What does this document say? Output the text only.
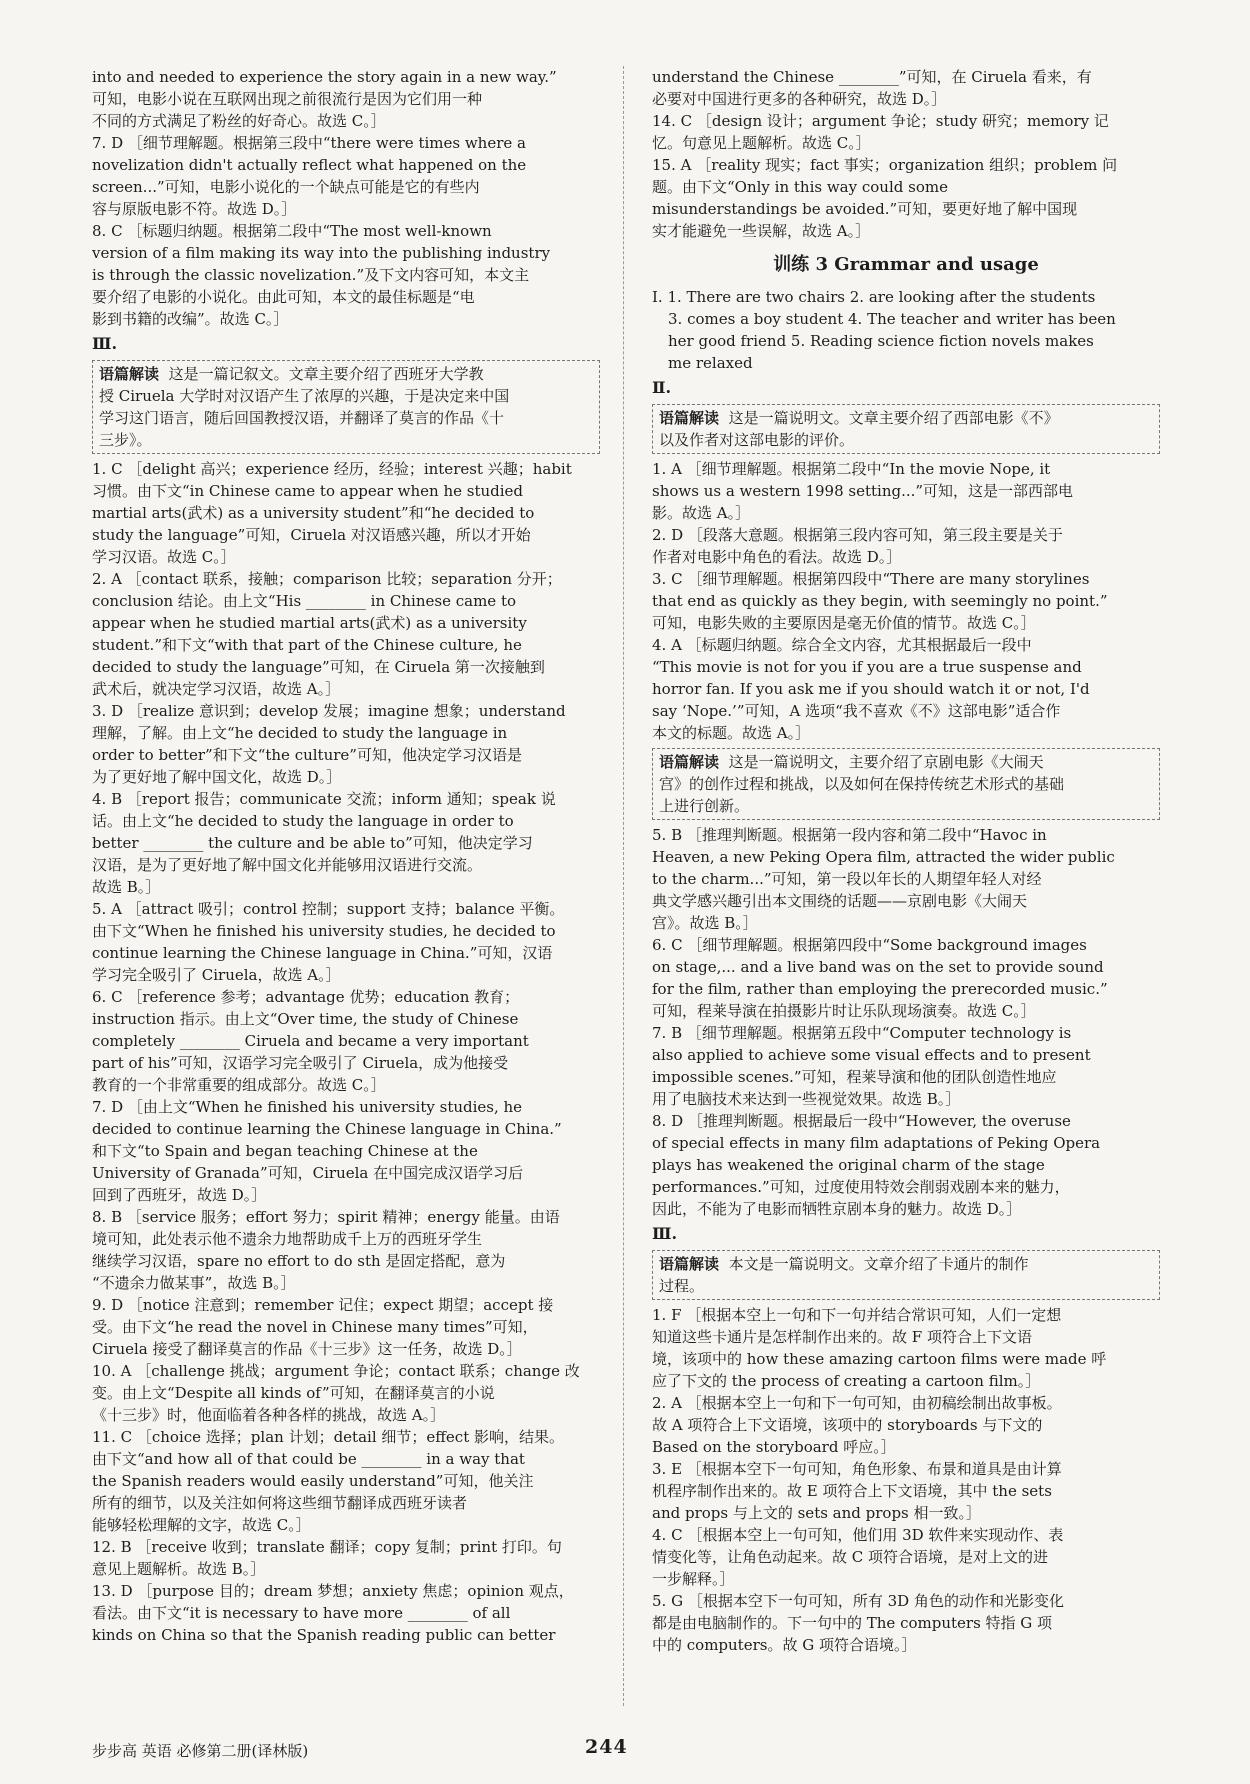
into and needed to experience the story again in a new way.”

可知，电影小说在互联网出现之前很流行是因为它们用一种

不同的方式满足了粉丝的好奇心。故选 C。］

7. D ［细节理解题。根据第三段中“there were times where a

novelization didn't actually reflect what happened on the

screen...”可知，电影小说化的一个缺点可能是它的有些内

容与原版电影不符。故选 D。］

8. C ［标题归纳题。根据第二段中“The most well-known

version of a film making its way into the publishing industry

is through the classic novelization.”及下文内容可知，本文主

要介绍了电影的小说化。由此可知，本文的最佳标题是“电

影到书籍的改编”。故选 C。］

Ⅲ.

语篇解读 这是一篇记叙文。文章主要介绍了西班牙大学教

授 Ciruela 大学时对汉语产生了浓厚的兴趣，于是决定来中国

学习这门语言，随后回国教授汉语，并翻译了莫言的作品《十

三步》。

1. C ［delight 高兴；experience 经历，经验；interest 兴趣；habit

习惯。由下文“in Chinese came to appear when he studied

martial arts(武术) as a university student”和“he decided to

study the language”可知，Ciruela 对汉语感兴趣，所以才开始

学习汉语。故选 C。］

2. A ［contact 联系，接触；comparison 比较；separation 分开；

conclusion 结论。由上文“His ________ in Chinese came to

appear when he studied martial arts(武术) as a university

student.”和下文“with that part of the Chinese culture, he

decided to study the language”可知，在 Ciruela 第一次接触到

武术后，就决定学习汉语，故选 A。］

3. D ［realize 意识到；develop 发展；imagine 想象；understand

理解，了解。由上文“he decided to study the language in

order to better”和下文“the culture”可知，他决定学习汉语是

为了更好地了解中国文化，故选 D。］

4. B ［report 报告；communicate 交流；inform 通知；speak 说

话。由上文“he decided to study the language in order to

better ________ the culture and be able to”可知，他决定学习

汉语，是为了更好地了解中国文化并能够用汉语进行交流。

故选 B。］

5. A ［attract 吸引；control 控制；support 支持；balance 平衡。

由下文“When he finished his university studies, he decided to

continue learning the Chinese language in China.”可知，汉语

学习完全吸引了 Ciruela，故选 A。］

6. C ［reference 参考；advantage 优势；education 教育；

instruction 指示。由上文“Over time, the study of Chinese

completely ________ Ciruela and became a very important

part of his”可知，汉语学习完全吸引了 Ciruela，成为他接受

教育的一个非常重要的组成部分。故选 C。］

7. D ［由上文“When he finished his university studies, he

decided to continue learning the Chinese language in China.”

和下文“to Spain and began teaching Chinese at the

University of Granada”可知，Ciruela 在中国完成汉语学习后

回到了西班牙，故选 D。］

8. B ［service 服务；effort 努力；spirit 精神；energy 能量。由语

境可知，此处表示他不遗余力地帮助成千上万的西班牙学生

继续学习汉语，spare no effort to do sth 是固定搭配，意为

“不遗余力做某事”，故选 B。］

9. D ［notice 注意到；remember 记住；expect 期望；accept 接

受。由下文“he read the novel in Chinese many times”可知，

Ciruela 接受了翻译莫言的作品《十三步》这一任务，故选 D。］

10. A ［challenge 挑战；argument 争论；contact 联系；change 改

变。由上文“Despite all kinds of”可知，在翻译莫言的小说

《十三步》时，他面临着各种各样的挑战，故选 A。］

11. C ［choice 选择；plan 计划；detail 细节；effect 影响，结果。

由下文“and how all of that could be ________ in a way that

the Spanish readers would easily understand”可知，他关注

所有的细节，以及关注如何将这些细节翻译成西班牙读者

能够轻松理解的文字，故选 C。］

12. B ［receive 收到；translate 翻译；copy 复制；print 打印。句

意见上题解析。故选 B。］

13. D ［purpose 目的；dream 梦想；anxiety 焦虑；opinion 观点，

看法。由下文“it is necessary to have more ________ of all

kinds on China so that the Spanish reading public can better

understand the Chinese ________”可知，在 Ciruela 看来，有

必要对中国进行更多的各种研究，故选 D。］

14. C ［design 设计；argument 争论；study 研究；memory 记

忆。句意见上题解析。故选 C。］

15. A ［reality 现实；fact 事实；organization 组织；problem 问

题。由下文“Only in this way could some

misunderstandings be avoided.”可知，要更好地了解中国现

实才能避免一些误解，故选 A。］

训练 3 Grammar and usage

Ⅰ. 1. There are two chairs 2. are looking after the students

3. comes a boy student 4. The teacher and writer has been

her good friend 5. Reading science fiction novels makes

me relaxed

Ⅱ.

语篇解读 这是一篇说明文。文章主要介绍了西部电影《不》

以及作者对这部电影的评价。

1. A ［细节理解题。根据第二段中“In the movie Nope, it

shows us a western 1998 setting...”可知，这是一部西部电

影。故选 A。］

2. D ［段落大意题。根据第三段内容可知，第三段主要是关于

作者对电影中角色的看法。故选 D。］

3. C ［细节理解题。根据第四段中“There are many storylines

that end as quickly as they begin, with seemingly no point.”

可知，电影失败的主要原因是毫无价值的情节。故选 C。］

4. A ［标题归纳题。综合全文内容，尤其根据最后一段中

“This movie is not for you if you are a true suspense and

horror fan. If you ask me if you should watch it or not, I'd

say ‘Nope.’”可知，A 选项“我不喜欢《不》这部电影”适合作

本文的标题。故选 A。］

语篇解读 这是一篇说明文，主要介绍了京剧电影《大闹天

宫》的创作过程和挑战，以及如何在保持传统艺术形式的基础

上进行创新。

5. B ［推理判断题。根据第一段内容和第二段中“Havoc in

Heaven, a new Peking Opera film, attracted the wider public

to the charm...”可知，第一段以年长的人期望年轻人对经

典文学感兴趣引出本文围绕的话题——京剧电影《大闹天

宫》。故选 B。］

6. C ［细节理解题。根据第四段中“Some background images

on stage,... and a live band was on the set to provide sound

for the film, rather than employing the prerecorded music.”

可知，程莱导演在拍摄影片时让乐队现场演奏。故选 C。］

7. B ［细节理解题。根据第五段中“Computer technology is

also applied to achieve some visual effects and to present

impossible scenes.”可知，程莱导演和他的团队创造性地应

用了电脑技术来达到一些视觉效果。故选 B。］

8. D ［推理判断题。根据最后一段中“However, the overuse

of special effects in many film adaptations of Peking Opera

plays has weakened the original charm of the stage

performances.”可知，过度使用特效会削弱戏剧本来的魅力，

因此，不能为了电影而牺牲京剧本身的魅力。故选 D。］

Ⅲ.

语篇解读 本文是一篇说明文。文章介绍了卡通片的制作

过程。

1. F ［根据本空上一句和下一句并结合常识可知，人们一定想

知道这些卡通片是怎样制作出来的。故 F 项符合上下文语

境，该项中的 how these amazing cartoon films were made 呼

应了下文的 the process of creating a cartoon film。］

2. A ［根据本空上一句和下一句可知，由初稿绘制出故事板。

故 A 项符合上下文语境，该项中的 storyboards 与下文的

Based on the storyboard 呼应。］

3. E ［根据本空下一句可知，角色形象、布景和道具是由计算

机程序制作出来的。故 E 项符合上下文语境，其中 the sets

and props 与上文的 sets and props 相一致。］

4. C ［根据本空上一句可知，他们用 3D 软件来实现动作、表

情变化等，让角色动起来。故 C 项符合语境，是对上文的进

一步解释。］

5. G ［根据本空下一句可知，所有 3D 角色的动作和光影变化

都是由电脑制作的。下一句中的 The computers 特指 G 项

中的 computers。故 G 项符合语境。］

步步高 英语 必修第二册(译林版)	244
